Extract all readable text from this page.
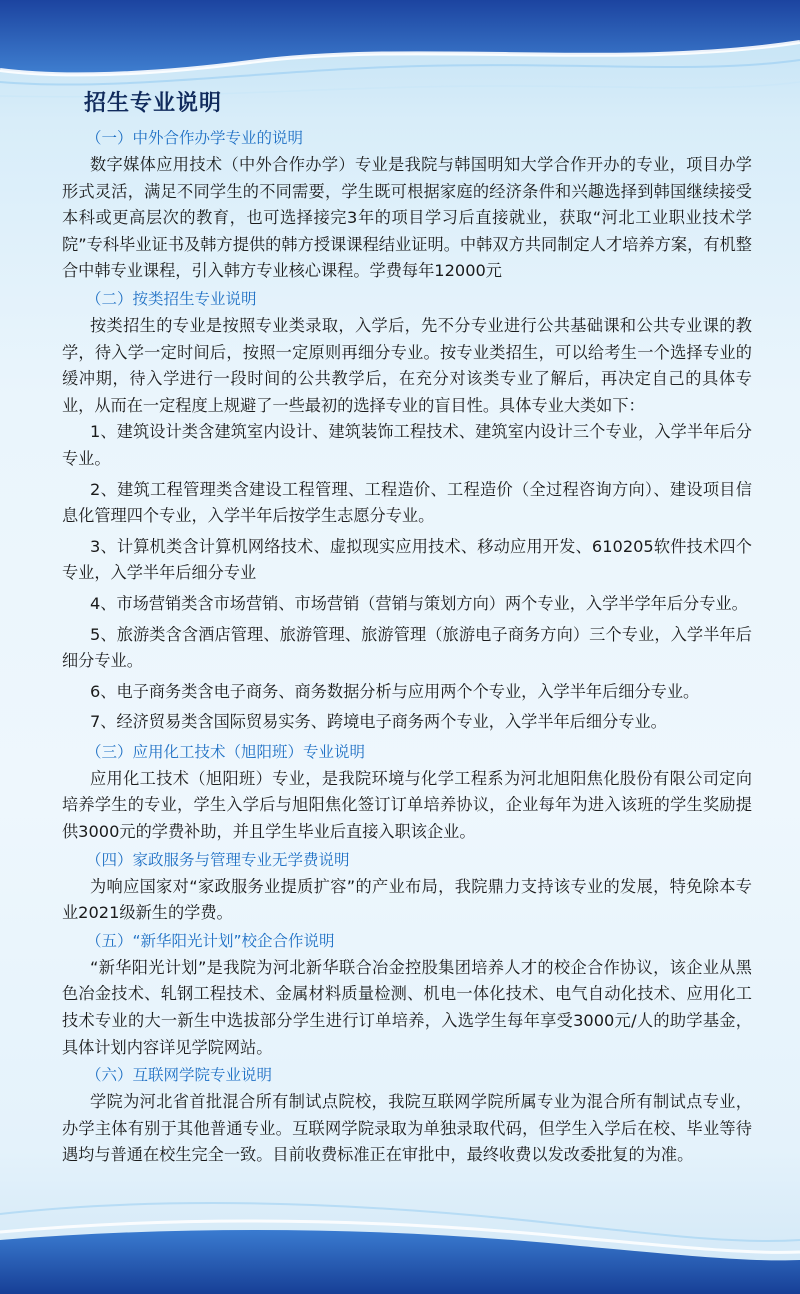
招生专业说明
（一）中外合作办学专业的说明

数字媒体应用技术（中外合作办学）专业是我院与韩国明知大学合作开办的专业，项目办学形式灵活，满足不同学生的不同需要，学生既可根据家庭的经济条件和兴趣选择到韩国继续接受本科或更高层次的教育，也可选择接完3年的项目学习后直接就业，获取“河北工业职业技术学院”专科毕业证书及韩方提供的韩方授课课程结业证明。中韩双方共同制定人才培养方案，有机整合中韩专业课程，引入韩方专业核心课程。学费每年12000元

（二）按类招生专业说明

按类招生的专业是按照专业类录取，入学后，先不分专业进行公共基础课和公共专业课的教学，待入学一定时间后，按照一定原则再细分专业。按专业类招生，可以给考生一个选择专业的缓冲期，待入学进行一段时间的公共教学后，在充分对该类专业了解后，再决定自己的具体专业，从而在一定程度上规避了一些最初的选择专业的盲目性。具体专业大类如下：

1、建筑设计类含建筑室内设计、建筑装饰工程技术、建筑室内设计三个专业，入学半年后分专业。

2、建筑工程管理类含建设工程管理、工程造价、工程造价（全过程咨询方向）、建设项目信息化管理四个专业，入学半年后按学生志愿分专业。

3、计算机类含计算机网络技术、虚拟现实应用技术、移动应用开发、610205软件技术四个专业，入学半年后细分专业

4、市场营销类含市场营销、市场营销（营销与策划方向）两个专业，入学半学年后分专业。

5、旅游类含含酒店管理、旅游管理、旅游管理（旅游电子商务方向）三个专业，入学半年后细分专业。

6、电子商务类含电子商务、商务数据分析与应用两个个专业，入学半年后细分专业。

7、经济贸易类含国际贸易实务、跨境电子商务两个专业，入学半年后细分专业。

（三）应用化工技术（旭阳班）专业说明

应用化工技术（旭阳班）专业，是我院环境与化学工程系为河北旭阳焦化股份有限公司定向培养学生的专业，学生入学后与旭阳焦化签订订单培养协议，企业每年为进入该班的学生奖励提供3000元的学费补助，并且学生毕业后直接入职该企业。

（四）家政服务与管理专业无学费说明

为响应国家对“家政服务业提质扩容”的产业布局，我院鼎力支持该专业的发展，特免除本专业2021级新生的学费。

（五）“新华阳光计划”校企合作说明

“新华阳光计划”是我院为河北新华联合冶金控股集团培养人才的校企合作协议，该企业从黑色冶金技术、轧钢工程技术、金属材料质量检测、机电一体化技术、电气自动化技术、应用化工技术专业的大一新生中选拔部分学生进行订单培养，入选学生每年享受3000元/人的助学基金，具体计划内容详见学院网站。

（六）互联网学院专业说明

学院为河北省首批混合所有制试点院校，我院互联网学院所属专业为混合所有制试点专业，办学主体有别于其他普通专业。互联网学院录取为单独录取代码，但学生入学后在校、毕业等待遇均与普通在校生完全一致。目前收费标准正在审批中，最终收费以发改委批复的为准。
